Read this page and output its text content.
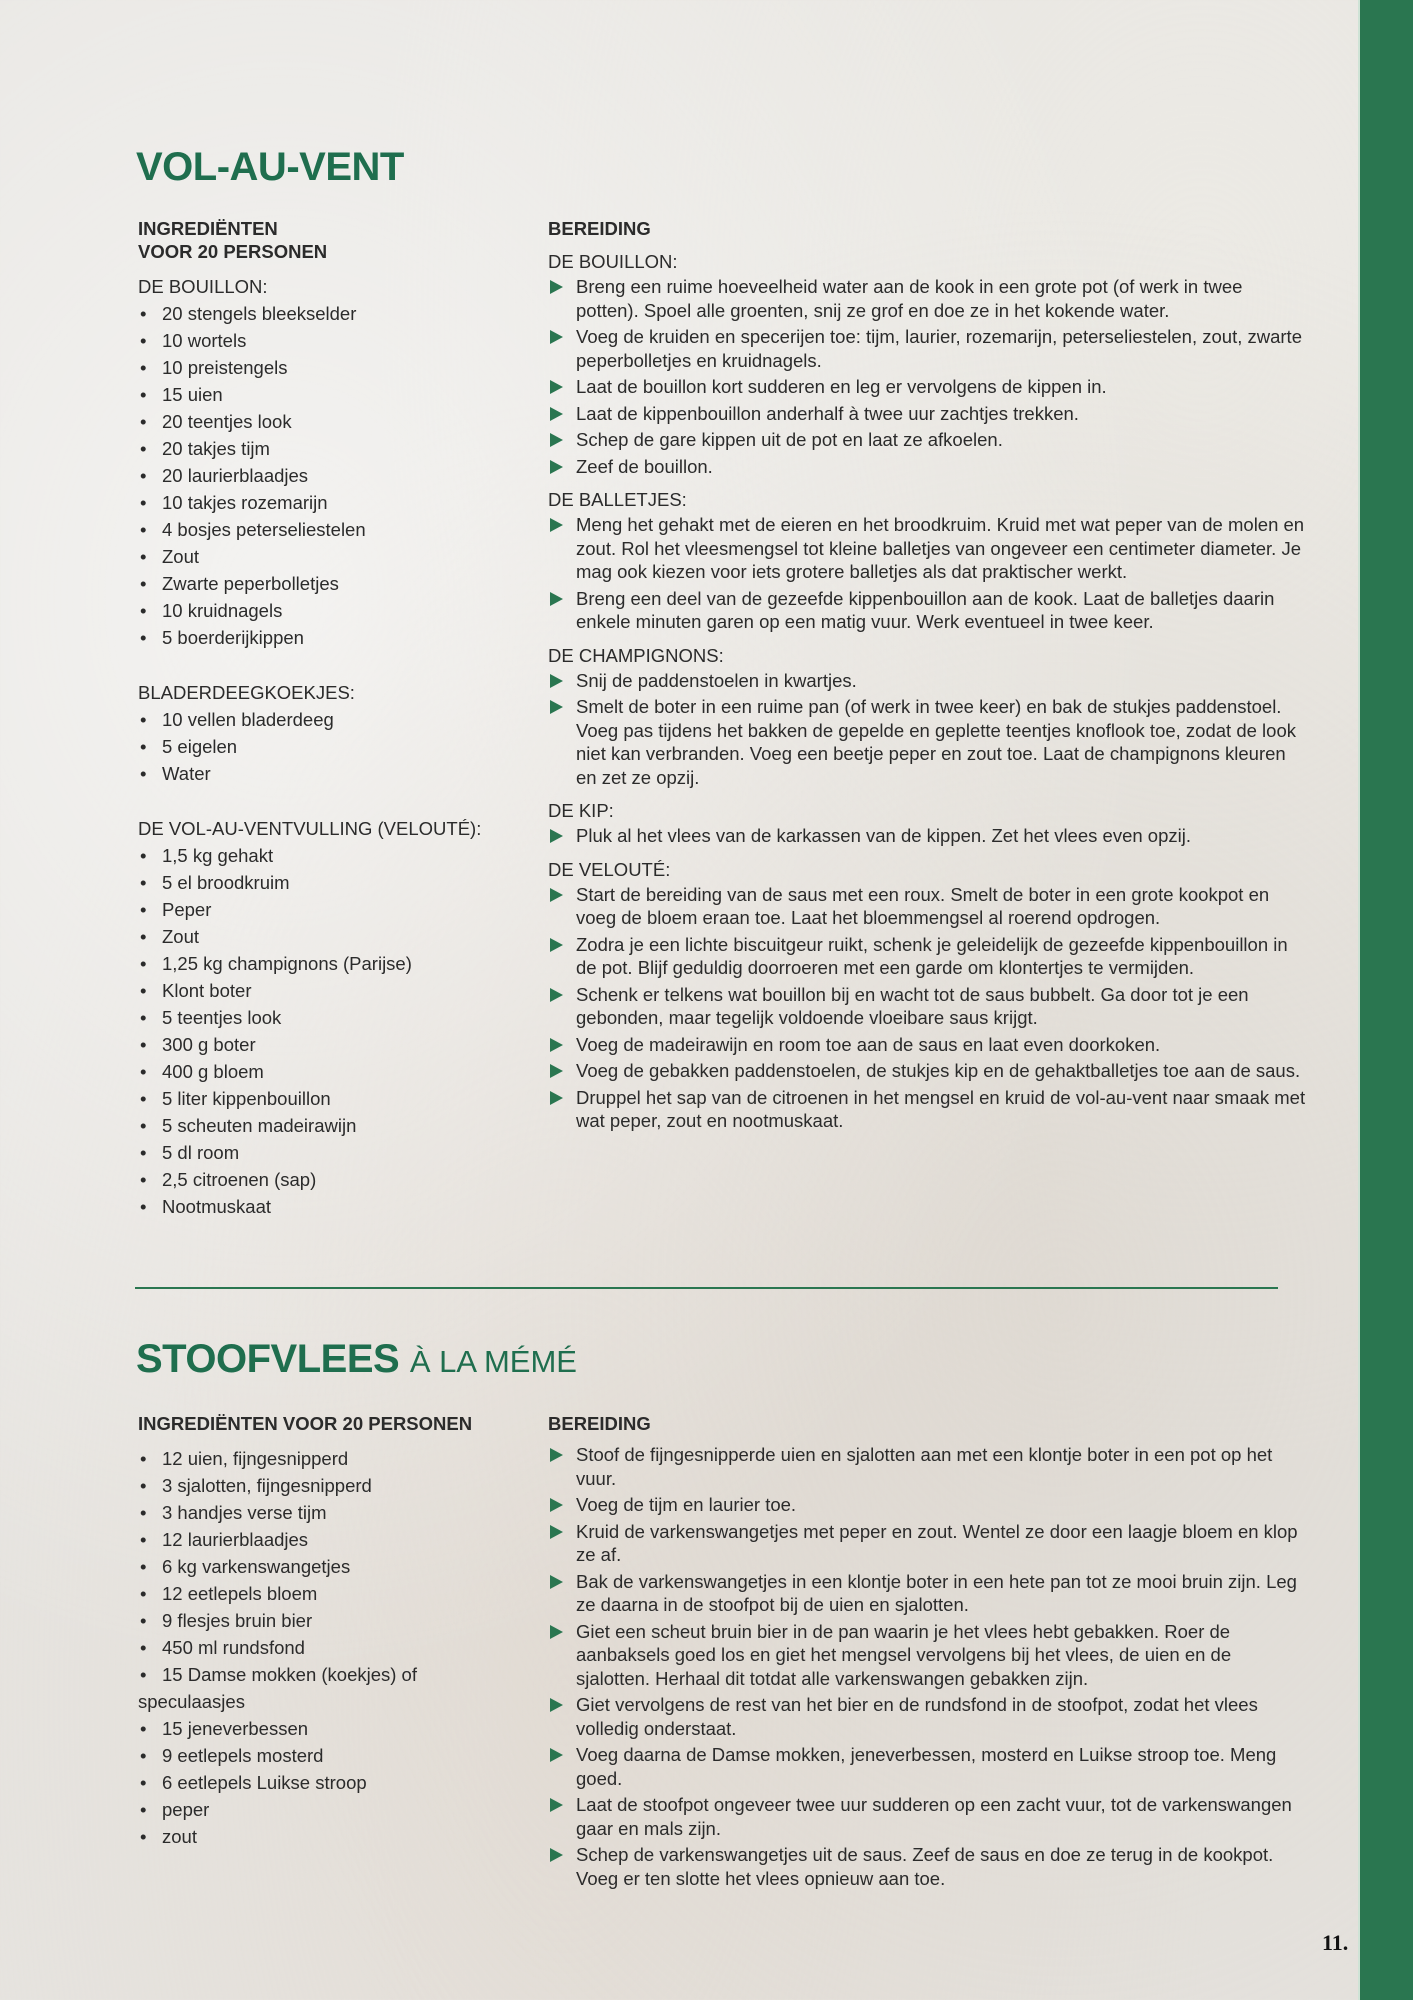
VOL-AU-VENT
INGREDIËNTEN
VOOR 20 PERSONEN
DE BOUILLON:
• 20 stengels bleekselder
• 10 wortels
• 10 preistengels
• 15 uien
• 20 teentjes look
• 20 takjes tijm
• 20 laurierblaadjes
• 10 takjes rozemarijn
• 4 bosjes peterseliestelen
• Zout
• Zwarte peperbolletjes
• 10 kruidnagels
• 5 boerderijkippen
BLADERDEEGKOEKJES:
• 10 vellen bladerdeeg
• 5 eigelen
• Water
DE VOL-AU-VENTVULLING (VELOUTÉ):
• 1,5 kg gehakt
• 5 el broodkruim
• Peper
• Zout
• 1,25 kg champignons (Parijse)
• Klont boter
• 5 teentjes look
• 300 g boter
• 400 g bloem
• 5 liter kippenbouillon
• 5 scheuten madeirawijn
• 5 dl room
• 2,5 citroenen (sap)
• Nootmuskaat
BEREIDING
DE BOUILLON:
Breng een ruime hoeveelheid water aan de kook in een grote pot (of werk in twee potten). Spoel alle groenten, snij ze grof en doe ze in het kokende water.
Voeg de kruiden en specerijen toe: tijm, laurier, rozemarijn, peterseliestelen, zout, zwarte peperbolletjes en kruidnagels.
Laat de bouillon kort sudderen en leg er vervolgens de kippen in.
Laat de kippenbouillon anderhalf à twee uur zachtjes trekken.
Schep de gare kippen uit de pot en laat ze afkoelen.
Zeef de bouillon.
DE BALLETJES:
Meng het gehakt met de eieren en het broodkruim. Kruid met wat peper van de molen en zout. Rol het vleesmengsel tot kleine balletjes van ongeveer een centimeter diameter. Je mag ook kiezen voor iets grotere balletjes als dat praktischer werkt.
Breng een deel van de gezeefde kippenbouillon aan de kook. Laat de balletjes daarin enkele minuten garen op een matig vuur. Werk eventueel in twee keer.
DE CHAMPIGNONS:
Snij de paddenstoelen in kwartjes.
Smelt de boter in een ruime pan (of werk in twee keer) en bak de stukjes paddenstoel. Voeg pas tijdens het bakken de gepelde en geplette teentjes knoflook toe, zodat de look niet kan verbranden. Voeg een beetje peper en zout toe. Laat de champignons kleuren en zet ze opzij.
DE KIP:
Pluk al het vlees van de karkassen van de kippen. Zet het vlees even opzij.
DE VELOUTÉ:
Start de bereiding van de saus met een roux. Smelt de boter in een grote kookpot en voeg de bloem eraan toe. Laat het bloemmengsel al roerend opdrogen.
Zodra je een lichte biscuitgeur ruikt, schenk je geleidelijk de gezeefde kippenbouillon in de pot. Blijf geduldig doorroeren met een garde om klontertjes te vermijden.
Schenk er telkens wat bouillon bij en wacht tot de saus bubbelt. Ga door tot je een gebonden, maar tegelijk voldoende vloeibare saus krijgt.
Voeg de madeirawijn en room toe aan de saus en laat even doorkoken.
Voeg de gebakken paddenstoelen, de stukjes kip en de gehaktballetjes toe aan de saus.
Druppel het sap van de citroenen in het mengsel en kruid de vol-au-vent naar smaak met wat peper, zout en nootmuskaat.
STOOFVLEES À LA MÉMÉ
INGREDIËNTEN VOOR 20 PERSONEN
• 12 uien, fijngesnipperd
• 3 sjalotten, fijngesnipperd
• 3 handjes verse tijm
• 12 laurierblaadjes
• 6 kg varkenswangetjes
• 12 eetlepels bloem
• 9 flesjes bruin bier
• 450 ml rundsfond
• 15 Damse mokken (koekjes) of speculaasjes
• 15 jeneverbessen
• 9 eetlepels mosterd
• 6 eetlepels Luikse stroop
• peper
• zout
BEREIDING
Stoof de fijngesnipperde uien en sjalotten aan met een klontje boter in een pot op het vuur.
Voeg de tijm en laurier toe.
Kruid de varkenswangetjes met peper en zout. Wentel ze door een laagje bloem en klop ze af.
Bak de varkenswangetjes in een klontje boter in een hete pan tot ze mooi bruin zijn. Leg ze daarna in de stoofpot bij de uien en sjalotten.
Giet een scheut bruin bier in de pan waarin je het vlees hebt gebakken. Roer de aanbaksels goed los en giet het mengsel vervolgens bij het vlees, de uien en de sjalotten. Herhaal dit totdat alle varkenswangen gebakken zijn.
Giet vervolgens de rest van het bier en de rundsfond in de stoofpot, zodat het vlees volledig onderstaat.
Voeg daarna de Damse mokken, jeneverbessen, mosterd en Luikse stroop toe. Meng goed.
Laat de stoofpot ongeveer twee uur sudderen op een zacht vuur, tot de varkenswangen gaar en mals zijn.
Schep de varkenswangetjes uit de saus. Zeef de saus en doe ze terug in de kookpot. Voeg er ten slotte het vlees opnieuw aan toe.
11.
